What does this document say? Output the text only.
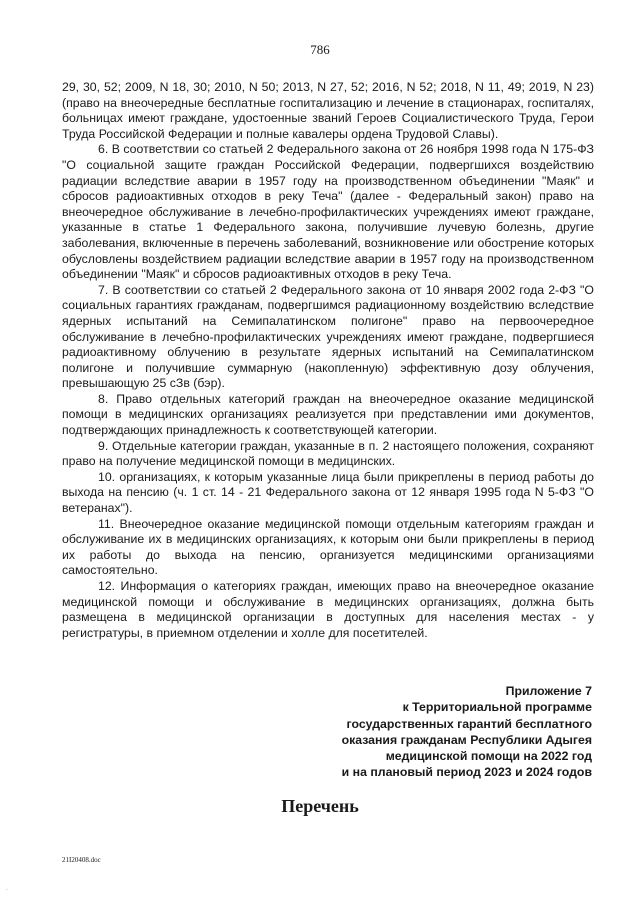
786

29, 30, 52; 2009, N 18, 30; 2010, N 50; 2013, N 27, 52; 2016, N 52; 2018, N 11, 49; 2019, N 23) (право на внеочередные бесплатные госпитализацию и лечение в стационарах, госпиталях, больницах имеют граждане, удостоенные званий Героев Социалистического Труда, Герои Труда Российской Федерации и полные кавалеры ордена Трудовой Славы).

6. В соответствии со статьей 2 Федерального закона от 26 ноября 1998 года N 175-ФЗ "О социальной защите граждан Российской Федерации, подвергшихся воздействию радиации вследствие аварии в 1957 году на производственном объединении "Маяк" и сбросов радиоактивных отходов в реку Теча" (далее - Федеральный закон) право на внеочередное обслуживание в лечебно-профилактических учреждениях имеют граждане, указанные в статье 1 Федерального закона, получившие лучевую болезнь, другие заболевания, включенные в перечень заболеваний, возникновение или обострение которых обусловлены воздействием радиации вследствие аварии в 1957 году на производственном объединении "Маяк" и сбросов радиоактивных отходов в реку Теча.

7. В соответствии со статьей 2 Федерального закона от 10 января 2002 года 2-ФЗ "О социальных гарантиях гражданам, подвергшимся радиационному воздействию вследствие ядерных испытаний на Семипалатинском полигоне" право на первоочередное обслуживание в лечебно-профилактических учреждениях имеют граждане, подвергшиеся радиоактивному облучению в результате ядерных испытаний на Семипалатинском полигоне и получившие суммарную (накопленную) эффективную дозу облучения, превышающую 25 сЗв (бэр).

8. Право отдельных категорий граждан на внеочередное оказание медицинской помощи в медицинских организациях реализуется при представлении ими документов, подтверждающих принадлежность к соответствующей категории.

9. Отдельные категории граждан, указанные в п. 2 настоящего положения, сохраняют право на получение медицинской помощи в медицинских.

10. организациях, к которым указанные лица были прикреплены в период работы до выхода на пенсию (ч. 1 ст. 14 - 21 Федерального закона от 12 января 1995 года N 5-ФЗ "О ветеранах").

11. Внеочередное оказание медицинской помощи отдельным категориям граждан и обслуживание их в медицинских организациях, к которым они были прикреплены в период их работы до выхода на пенсию, организуется медицинскими организациями самостоятельно.

12. Информация о категориях граждан, имеющих право на внеочередное оказание медицинской помощи и обслуживание в медицинских организациях, должна быть размещена в медицинской организации в доступных для населения местах - у регистратуры, в приемном отделении и холле для посетителей.

Приложение 7
к Территориальной программе
государственных гарантий бесплатного
оказания гражданам Республики Адыгея
медицинской помощи на 2022 год
и на плановый период 2023 и 2024 годов
Перечень
21I20408.doc
.
